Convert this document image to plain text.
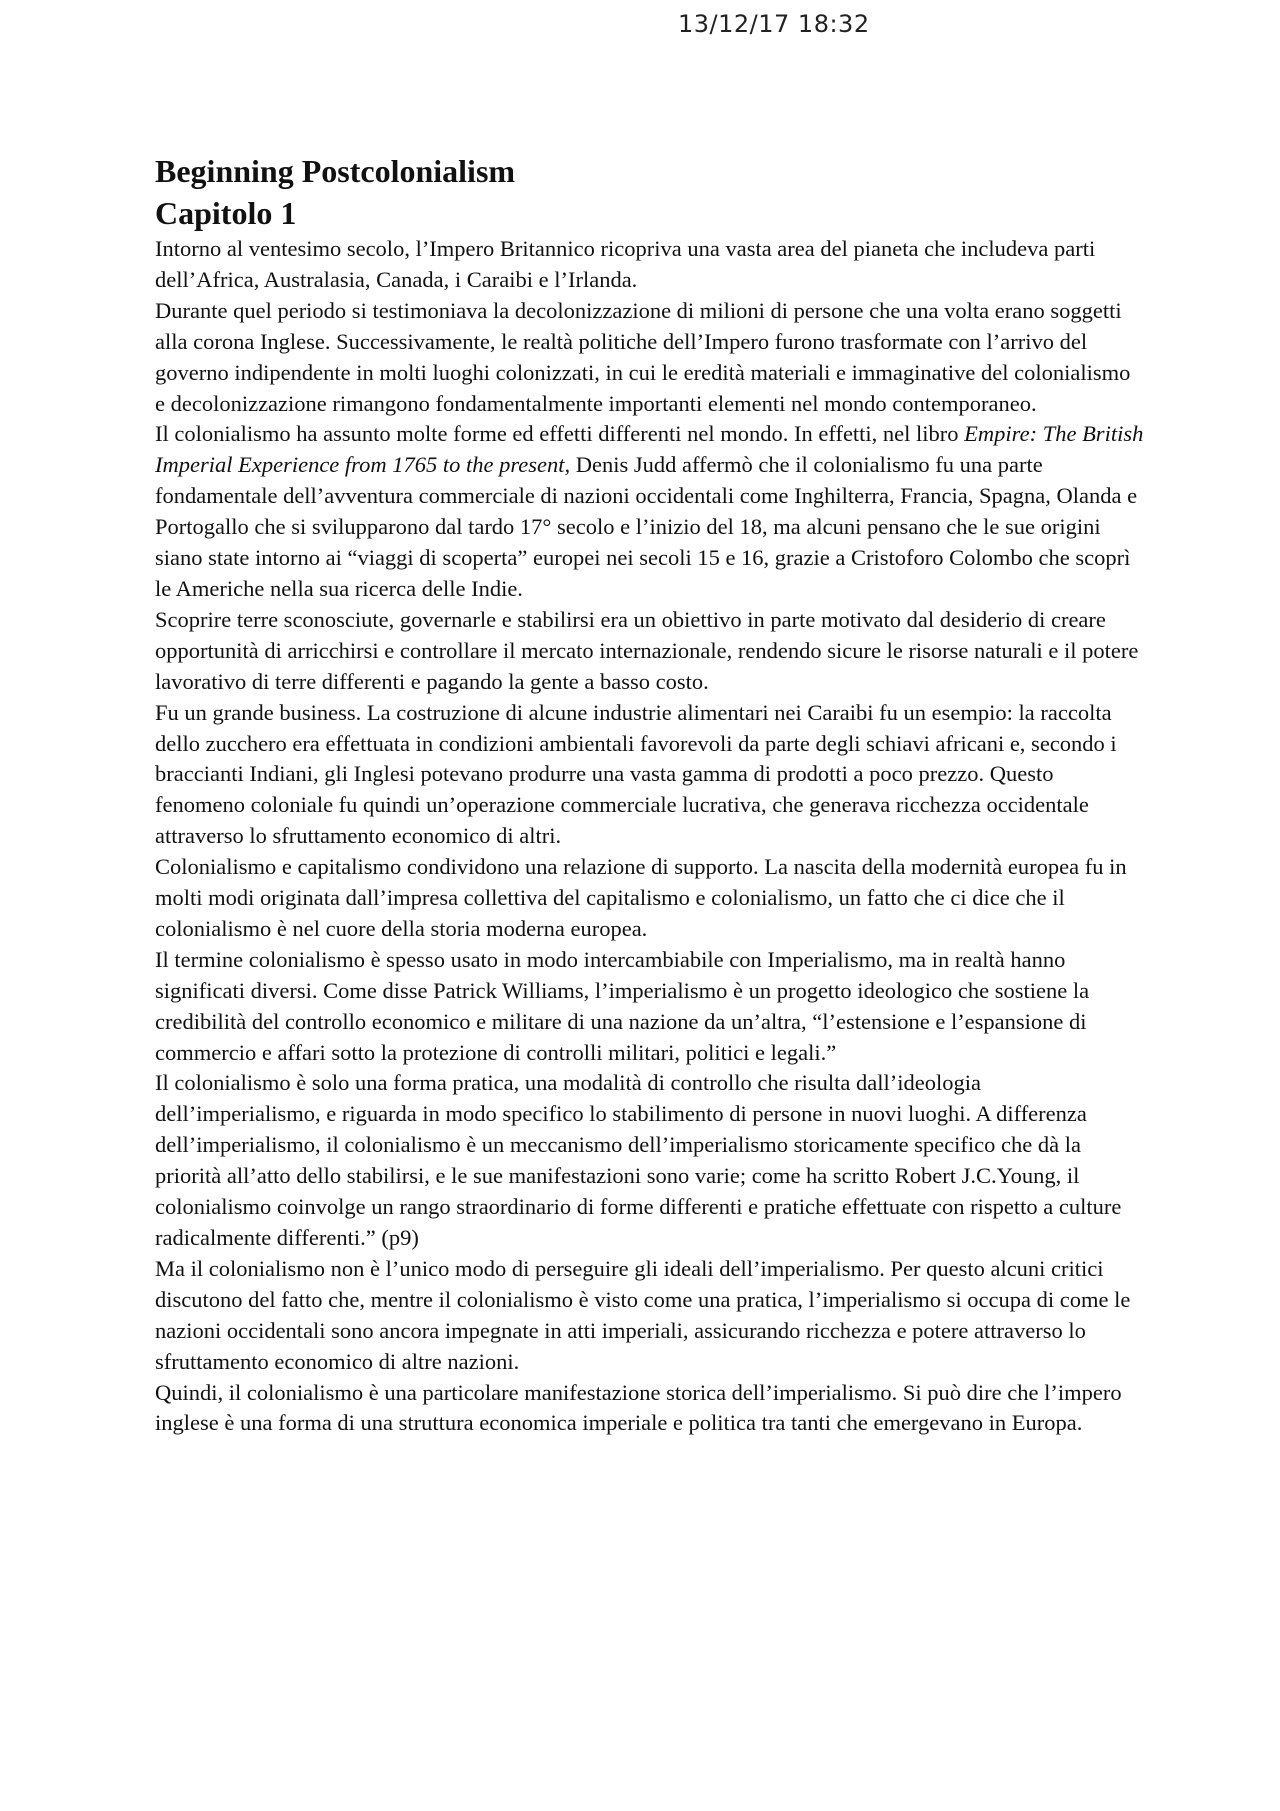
13/12/17 18:32
Beginning Postcolonialism
Capitolo 1

Intorno al ventesimo secolo, l’Impero Britannico ricopriva una vasta area del pianeta che includeva parti dell’Africa, Australasia, Canada, i Caraibi e l’Irlanda.

Durante quel periodo si testimoniava la decolonizzazione di milioni di persone che una volta erano soggetti alla corona Inglese. Successivamente, le realtà politiche dell’Impero furono trasformate con l’arrivo del governo indipendente in molti luoghi colonizzati, in cui le eredità materiali e immaginative del colonialismo e decolonizzazione rimangono fondamentalmente importanti elementi nel mondo contemporaneo.

Il colonialismo ha assunto molte forme ed effetti differenti nel mondo. In effetti, nel libro Empire: The British Imperial Experience from 1765 to the present, Denis Judd affermò che il colonialismo fu una parte fondamentale dell’avventura commerciale di nazioni occidentali come Inghilterra, Francia, Spagna, Olanda e Portogallo che si svilupparono dal tardo 17° secolo e l’inizio del 18, ma alcuni pensano che le sue origini siano state intorno ai “viaggi di scoperta” europei nei secoli 15 e 16, grazie a Cristoforo Colombo che scoprì le Americhe nella sua ricerca delle Indie.

Scoprire terre sconosciute, governarle e stabilirsi era un obiettivo in parte motivato dal desiderio di creare opportunità di arricchirsi e controllare il mercato internazionale, rendendo sicure le risorse naturali e il potere lavorativo di terre differenti e pagando la gente a basso costo.

Fu un grande business. La costruzione di alcune industrie alimentari nei Caraibi fu un esempio: la raccolta dello zucchero era effettuata in condizioni ambientali favorevoli da parte degli schiavi africani e, secondo i braccianti Indiani, gli Inglesi potevano produrre una vasta gamma di prodotti a poco prezzo. Questo fenomeno coloniale fu quindi un’operazione commerciale lucrativa, che generava ricchezza occidentale attraverso lo sfruttamento economico di altri.

Colonialismo e capitalismo condividono una relazione di supporto. La nascita della modernità europea fu in molti modi originata dall’impresa collettiva del capitalismo e colonialismo, un fatto che ci dice che il colonialismo è nel cuore della storia moderna europea.

Il termine colonialismo è spesso usato in modo intercambiabile con Imperialismo, ma in realtà hanno significati diversi. Come disse Patrick Williams, l’imperialismo è un progetto ideologico che sostiene la credibilità del controllo economico e militare di una nazione da un’altra, “l’estensione e l’espansione di commercio e affari sotto la protezione di controlli militari, politici e legali.”

Il colonialismo è solo una forma pratica, una modalità di controllo che risulta dall’ideologia dell’imperialismo, e riguarda in modo specifico lo stabilimento di persone in nuovi luoghi. A differenza dell’imperialismo, il colonialismo è un meccanismo dell’imperialismo storicamente specifico che dà la priorità all’atto dello stabilirsi, e le sue manifestazioni sono varie; come ha scritto Robert J.C.Young, il colonialismo coinvolge un rango straordinario di forme differenti e pratiche effettuate con rispetto a culture radicalmente differenti.” (p9)

Ma il colonialismo non è l’unico modo di perseguire gli ideali dell’imperialismo. Per questo alcuni critici discutono del fatto che, mentre il colonialismo è visto come una pratica, l’imperialismo si occupa di come le nazioni occidentali sono ancora impegnate in atti imperiali, assicurando ricchezza e potere attraverso lo sfruttamento economico di altre nazioni.

Quindi, il colonialismo è una particolare manifestazione storica dell’imperialismo. Si può dire che l’impero inglese è una forma di una struttura economica imperiale e politica tra tanti che emergevano in Europa.
